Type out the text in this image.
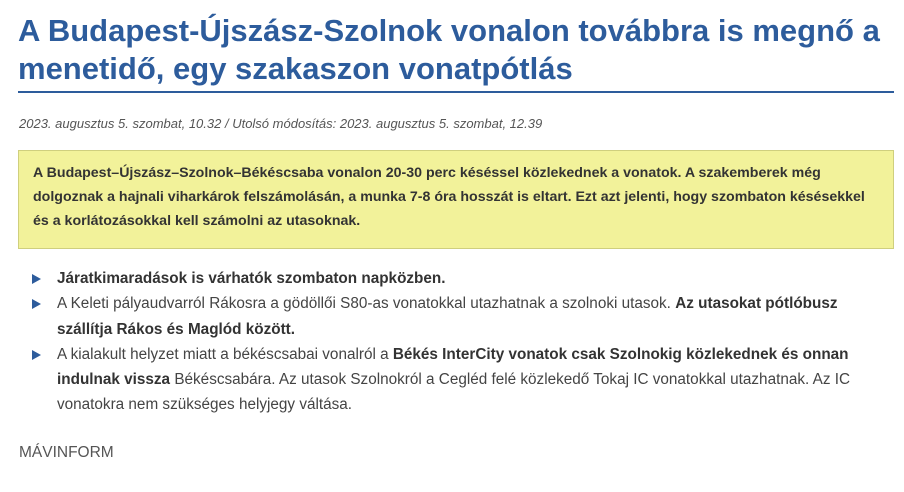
A Budapest-Újszász-Szolnok vonalon továbbra is megnő a menetidő, egy szakaszon vonatpótlás
2023. augusztus 5. szombat, 10.32 / Utolsó módosítás: 2023. augusztus 5. szombat, 12.39
A Budapest–Újszász–Szolnok–Békéscsaba vonalon 20-30 perc késéssel közlekednek a vonatok. A szakemberek még dolgoznak a hajnali viharkárok felszámolásán, a munka 7-8 óra hosszát is eltart. Ezt azt jelenti, hogy szombaton késésekkel és a korlátozásokkal kell számolni az utasoknak.
Járatkimaradások is várhatók szombaton napközben.
A Keleti pályaudvarról Rákosra a gödöllői S80-as vonatokkal utazhatnak a szolnoki utasok. Az utasokat pótlóbusz szállítja Rákos és Maglód között.
A kialakult helyzet miatt a békéscsabai vonalról a Békés InterCity vonatok csak Szolnokig közlekednek és onnan indulnak vissza Békéscsabára. Az utasok Szolnokról a Cegléd felé közlekedő Tokaj IC vonatokkal utazhatnak. Az IC vonatokra nem szükséges helyjegy váltása.
MÁVINFORM
